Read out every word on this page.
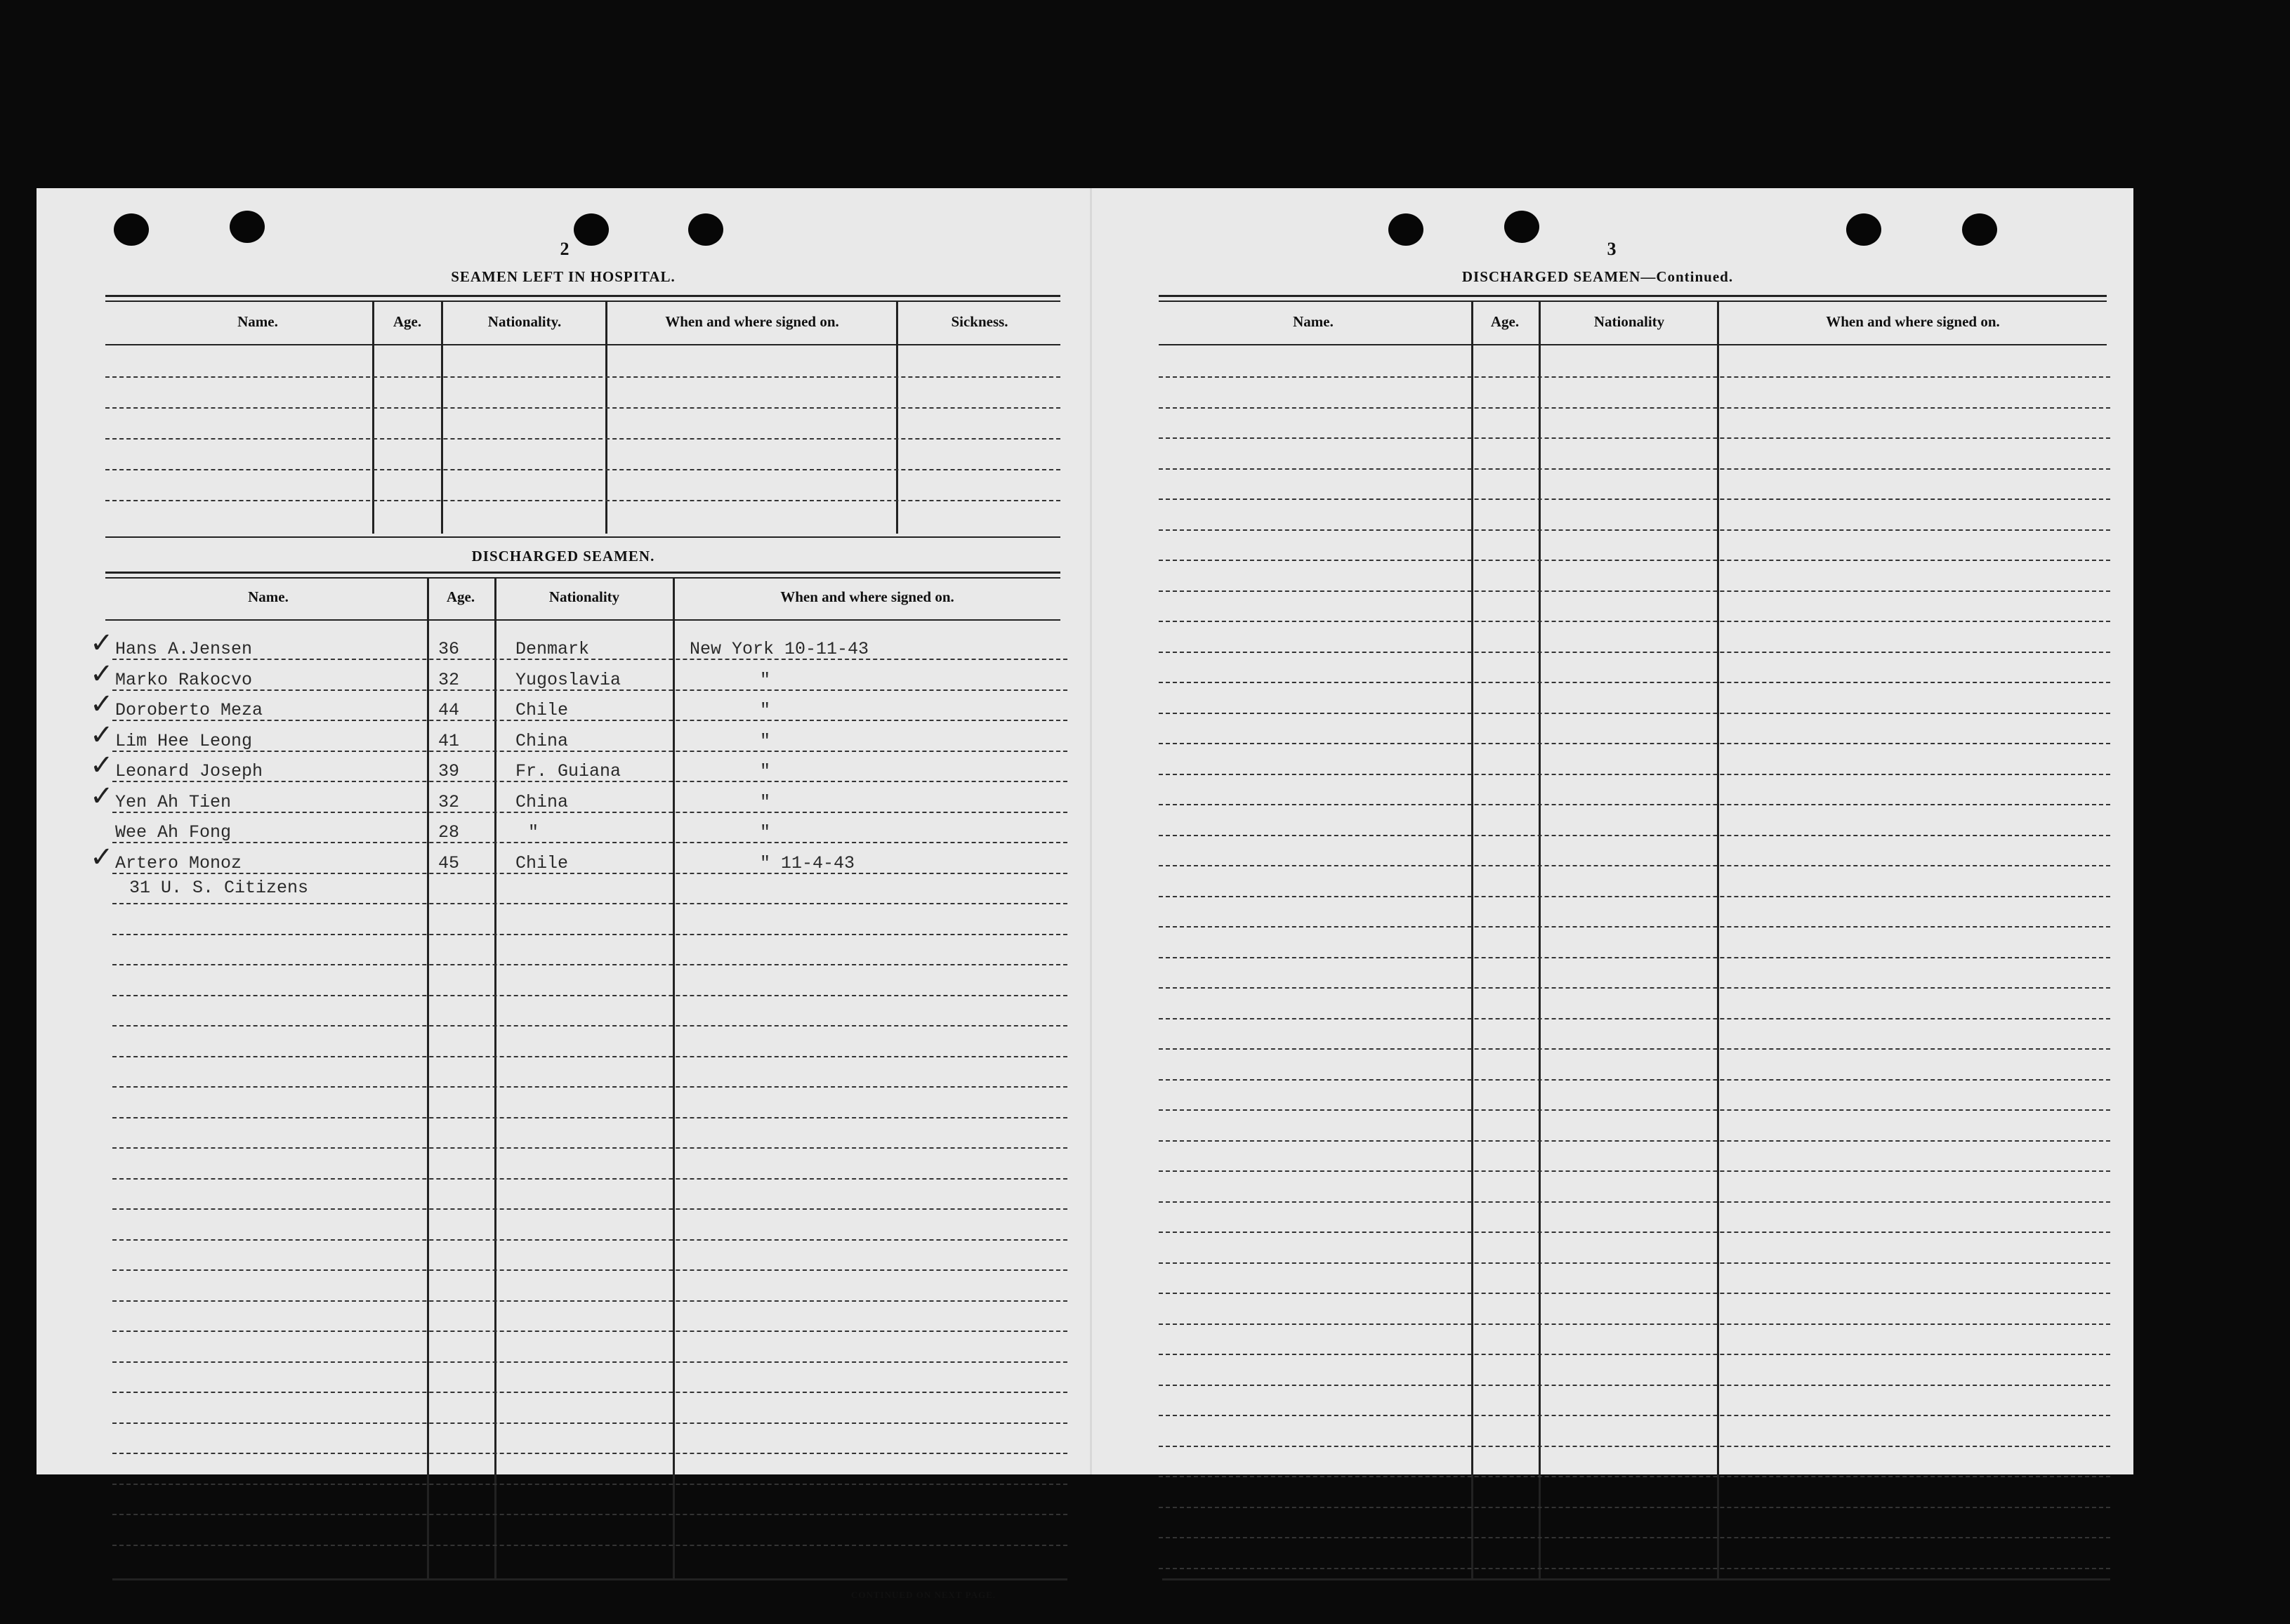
2
SEAMEN LEFT IN HOSPITAL.
Name.	Age.	Nationality.	When and where signed on.	Sickness.
DISCHARGED SEAMEN.
Name.	Age.	Nationality	When and where signed on.
✓ Hans A.Jensen	36	Denmark	New York 10-11-43
✓ Marko Rakocvo	32	Yugoslavia	"
✓ Doroberto Meza	44	Chile	"
✓ Lim Hee Leong	41	China	"
✓ Leonard Joseph	39	Fr. Guiana	"
✓ Yen Ah Tien	32	China	"
Wee Ah Fong	28	"	"
✓ Artero Monoz	45	Chile	" 11-4-43
31 U. S. Citizens
CONTINUED ON NEXT PAGE.
3
DISCHARGED SEAMEN—Continued.
Name.	Age.	Nationality	When and where signed on.
